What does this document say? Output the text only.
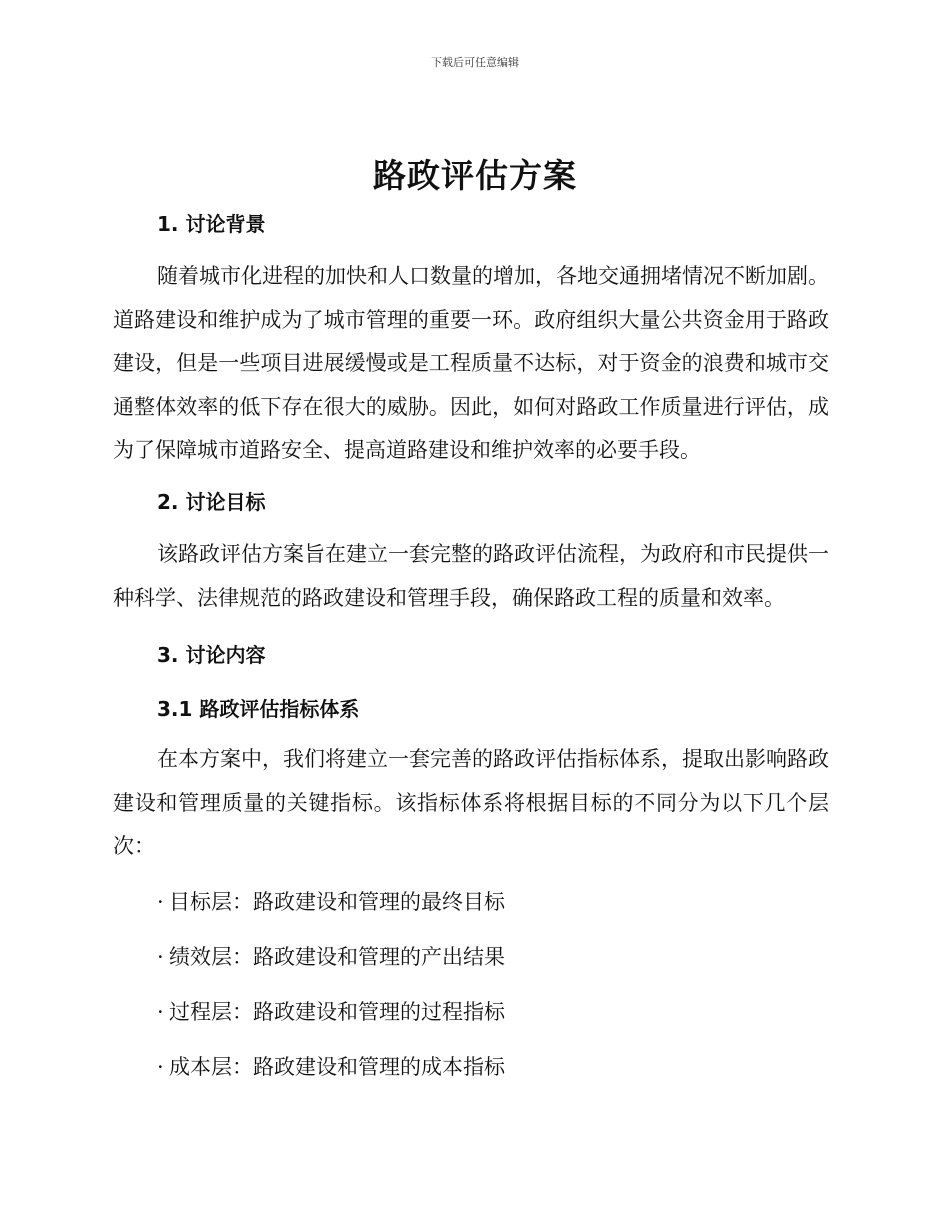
下载后可任意编辑
路政评估方案
1. 讨论背景
随着城市化进程的加快和人口数量的增加，各地交通拥堵情况不断加剧。道路建设和维护成为了城市管理的重要一环。政府组织大量公共资金用于路政建设，但是一些项目进展缓慢或是工程质量不达标，对于资金的浪费和城市交通整体效率的低下存在很大的威胁。因此，如何对路政工作质量进行评估，成为了保障城市道路安全、提高道路建设和维护效率的必要手段。
2. 讨论目标
该路政评估方案旨在建立一套完整的路政评估流程，为政府和市民提供一种科学、法律规范的路政建设和管理手段，确保路政工程的质量和效率。
3. 讨论内容
3.1 路政评估指标体系
在本方案中，我们将建立一套完善的路政评估指标体系，提取出影响路政建设和管理质量的关键指标。该指标体系将根据目标的不同分为以下几个层次：
· 目标层：路政建设和管理的最终目标
· 绩效层：路政建设和管理的产出结果
· 过程层：路政建设和管理的过程指标
· 成本层：路政建设和管理的成本指标
